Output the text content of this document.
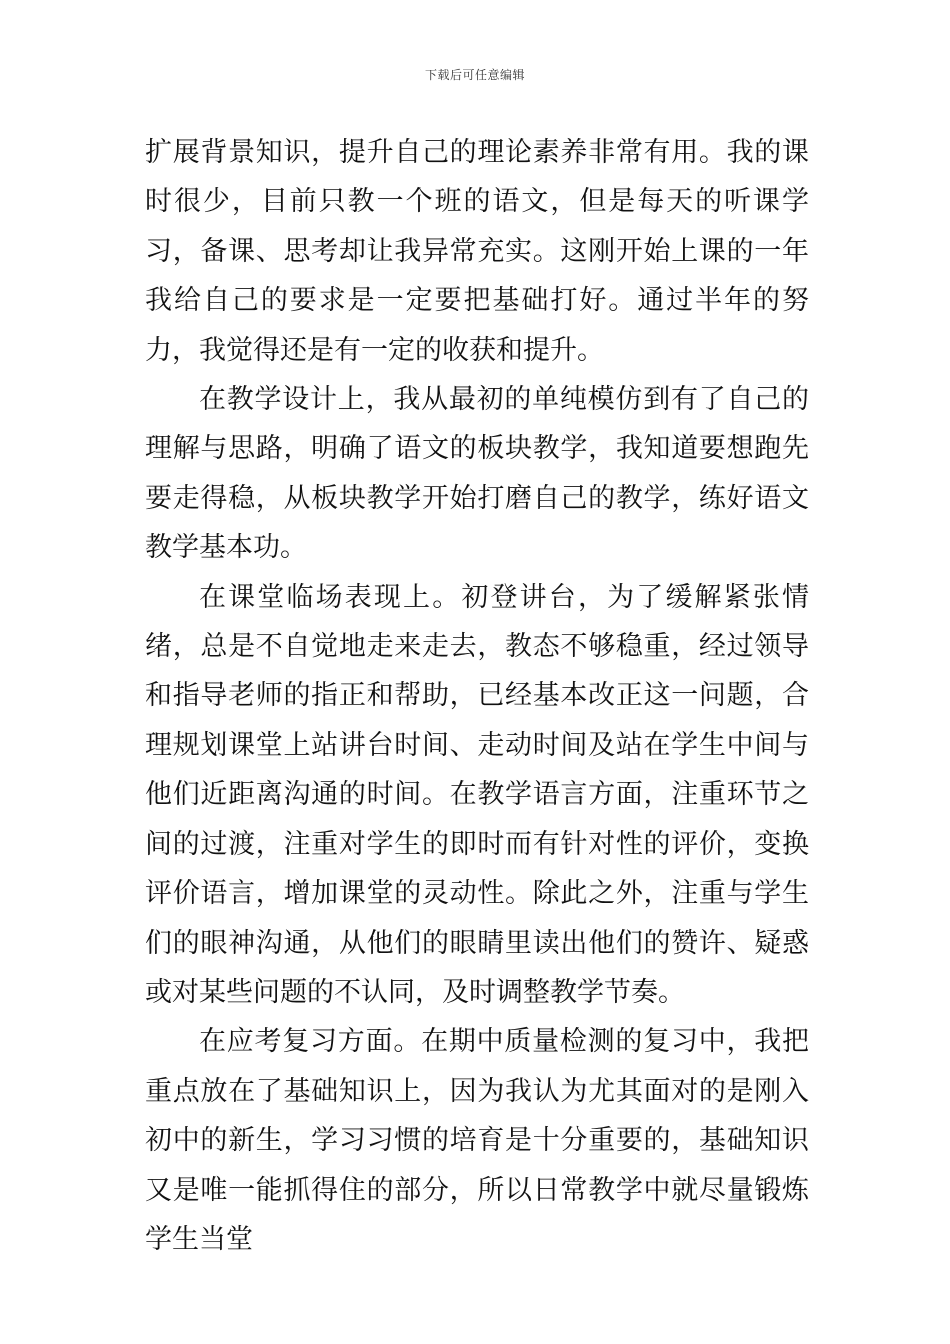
下载后可任意编辑

扩展背景知识，提升自己的理论素养非常有用。我的课时很少，目前只教一个班的语文，但是每天的听课学习，备课、思考却让我异常充实。这刚开始上课的一年我给自己的要求是一定要把基础打好。通过半年的努力，我觉得还是有一定的收获和提升。

在教学设计上，我从最初的单纯模仿到有了自己的理解与思路，明确了语文的板块教学，我知道要想跑先要走得稳，从板块教学开始打磨自己的教学，练好语文教学基本功。

在课堂临场表现上。初登讲台，为了缓解紧张情绪，总是不自觉地走来走去，教态不够稳重，经过领导和指导老师的指正和帮助，已经基本改正这一问题，合理规划课堂上站讲台时间、走动时间及站在学生中间与他们近距离沟通的时间。在教学语言方面，注重环节之间的过渡，注重对学生的即时而有针对性的评价，变换评价语言，增加课堂的灵动性。除此之外，注重与学生们的眼神沟通，从他们的眼睛里读出他们的赞许、疑惑或对某些问题的不认同，及时调整教学节奏。

在应考复习方面。在期中质量检测的复习中，我把重点放在了基础知识上，因为我认为尤其面对的是刚入初中的新生，学习习惯的培育是十分重要的，基础知识又是唯一能抓得住的部分，所以日常教学中就尽量锻炼学生当堂
